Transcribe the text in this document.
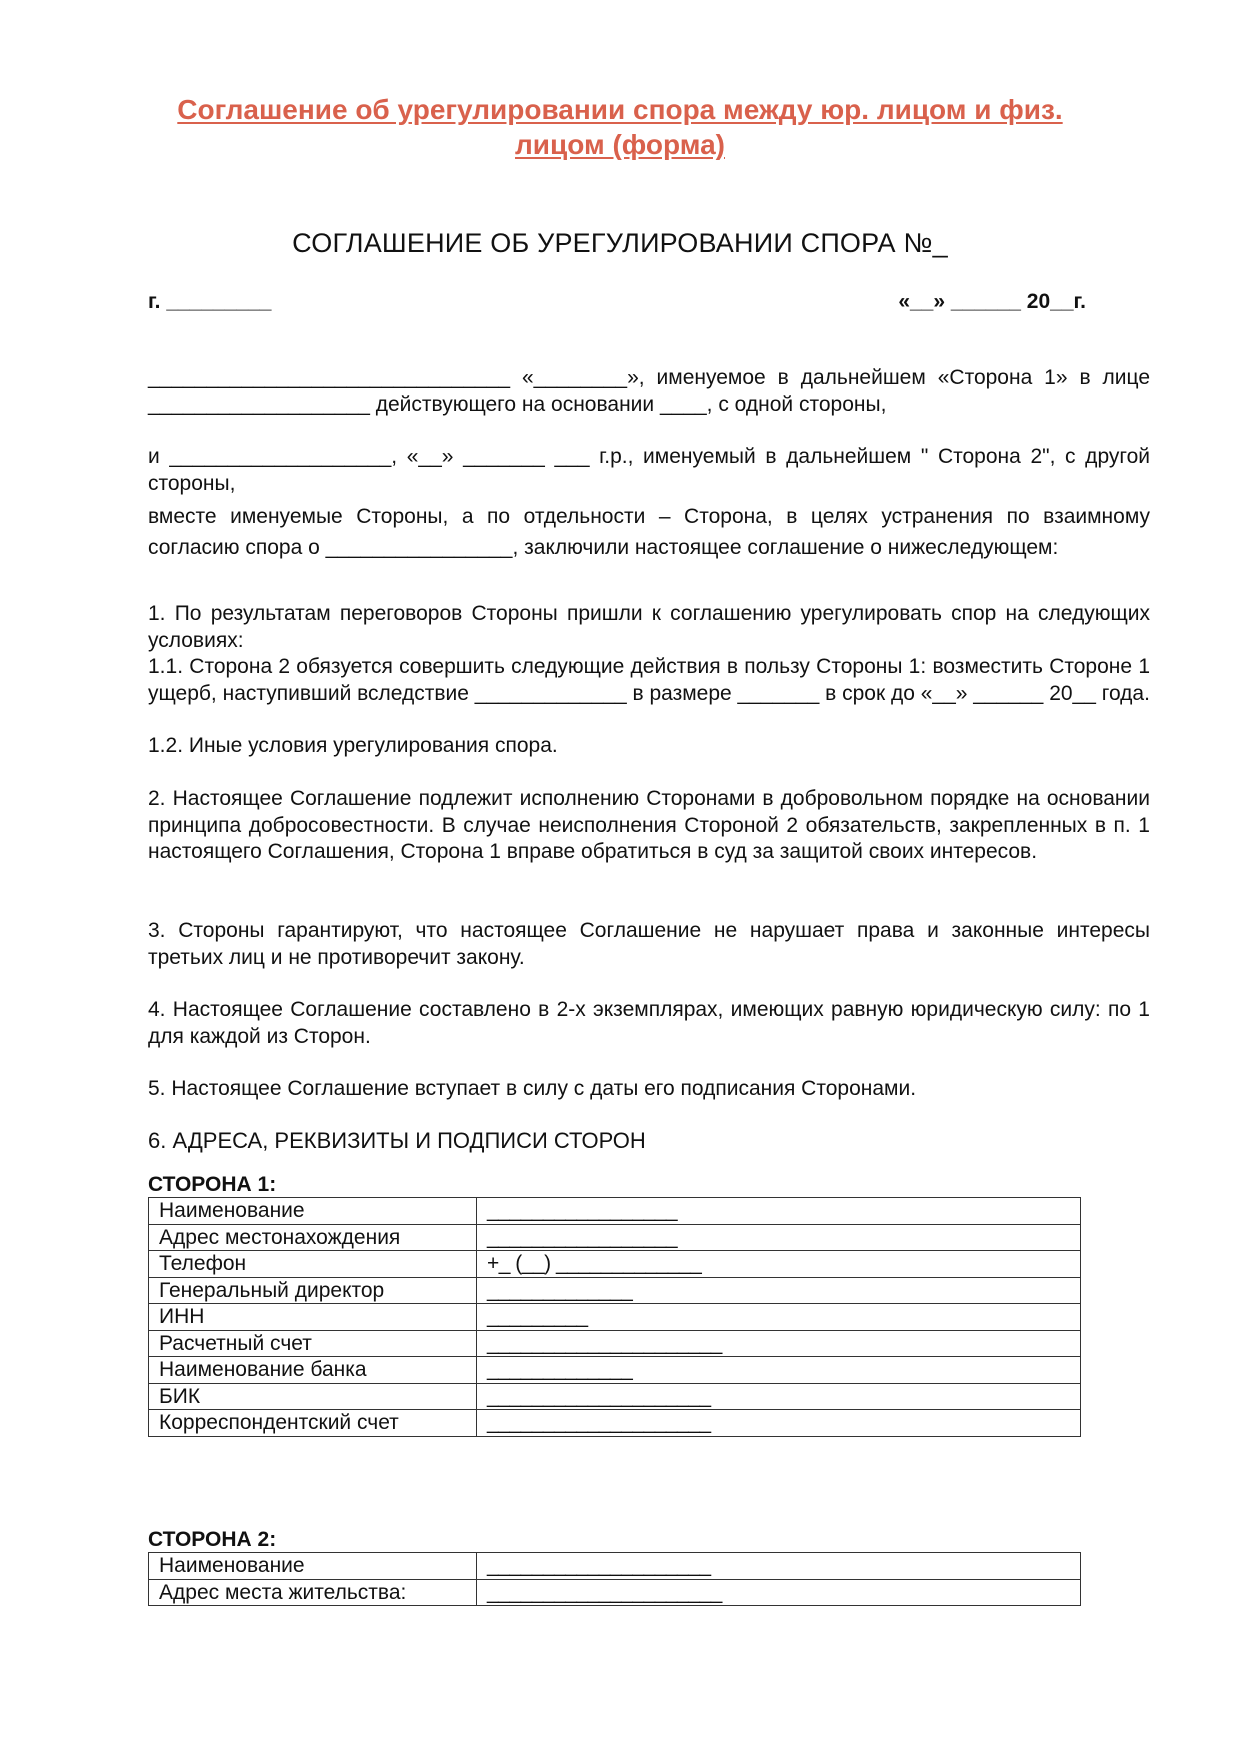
Соглашение об урегулировании спора между юр. лицом и физ.
лицом (форма)
СОГЛАШЕНИЕ ОБ УРЕГУЛИРОВАНИИ СПОРА №_
г. _________	«__» ______ 20__г.
_______________________________ «________», именуемое в дальнейшем «Сторона 1» в лице ___________________ действующего на основании ____, с одной стороны,
и ___________________, «__» _______ ___ г.р., именуемый в дальнейшем " Сторона 2", с другой стороны,
вместе именуемые Стороны, а по отдельности – Сторона, в целях устранения по взаимному согласию спора о ________________, заключили настоящее соглашение о нижеследующем:
1. По результатам переговоров Стороны пришли к соглашению урегулировать спор на следующих условиях:
1.1. Сторона 2 обязуется совершить следующие действия в пользу Стороны 1: возместить Стороне 1 ущерб, наступивший вследствие _____________ в размере _______ в срок до «__» ______ 20__ года.
1.2. Иные условия урегулирования спора.
2. Настоящее Соглашение подлежит исполнению Сторонами в добровольном порядке на основании принципа добросовестности. В случае неисполнения Стороной 2 обязательств, закрепленных в п. 1 настоящего Соглашения, Сторона 1 вправе обратиться в суд за защитой своих интересов.
3. Стороны гарантируют, что настоящее Соглашение не нарушает права и законные интересы третьих лиц и не противоречит закону.
4. Настоящее Соглашение составлено в 2-х экземплярах, имеющих равную юридическую силу: по 1 для каждой из Сторон.
5. Настоящее Соглашение вступает в силу с даты его подписания Сторонами.
6. АДРЕСА, РЕКВИЗИТЫ И ПОДПИСИ СТОРОН
СТОРОНА 1:
Наименование	_________________
Адрес местонахождения	_________________
Телефон	+_ (__) _____________
Генеральный директор	_____________
ИНН	_________
Расчетный счет	_____________________
Наименование банка	_____________
БИК	____________________
Корреспондентский счет	____________________
СТОРОНА 2:
Наименование	____________________
Адрес места жительства:	_____________________
